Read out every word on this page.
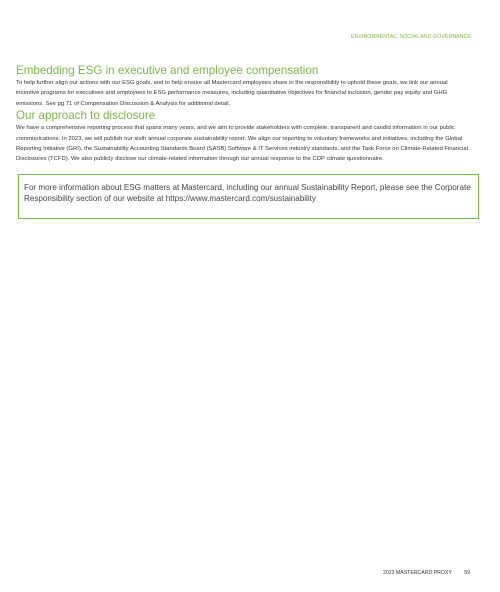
ENVIRONMENTAL, SOCIAL AND GOVERNANCE
Embedding ESG in executive and employee compensation

To help further align our actions with our ESG goals, and to help ensure all Mastercard employees share in the responsibility to uphold these goals, we link our annual incentive programs for executives and employees to ESG performance measures, including quantitative objectives for financial inclusion, gender pay equity and GHG emissions. See pg 71 of Compensation Discussion & Analysis for additional detail.

Our approach to disclosure

We have a comprehensive reporting process that spans many years, and we aim to provide stakeholders with complete, transparent and candid information in our public communications. In 2023, we will publish our sixth annual corporate sustainability report. We align our reporting to voluntary frameworks and initiatives, including the Global Reporting Initiative (GRI), the Sustainability Accounting Standards Board (SASB) Software & IT Services industry standards, and the Task Force on Climate-Related Financial Disclosures (TCFD). We also publicly disclose our climate-related information through our annual response to the CDP climate questionnaire.

For more information about ESG matters at Mastercard, including our annual Sustainability Report, please see the Corporate Responsibility section of our website at https://www.mastercard.com/sustainability

2023 MASTERCARD PROXY 59
